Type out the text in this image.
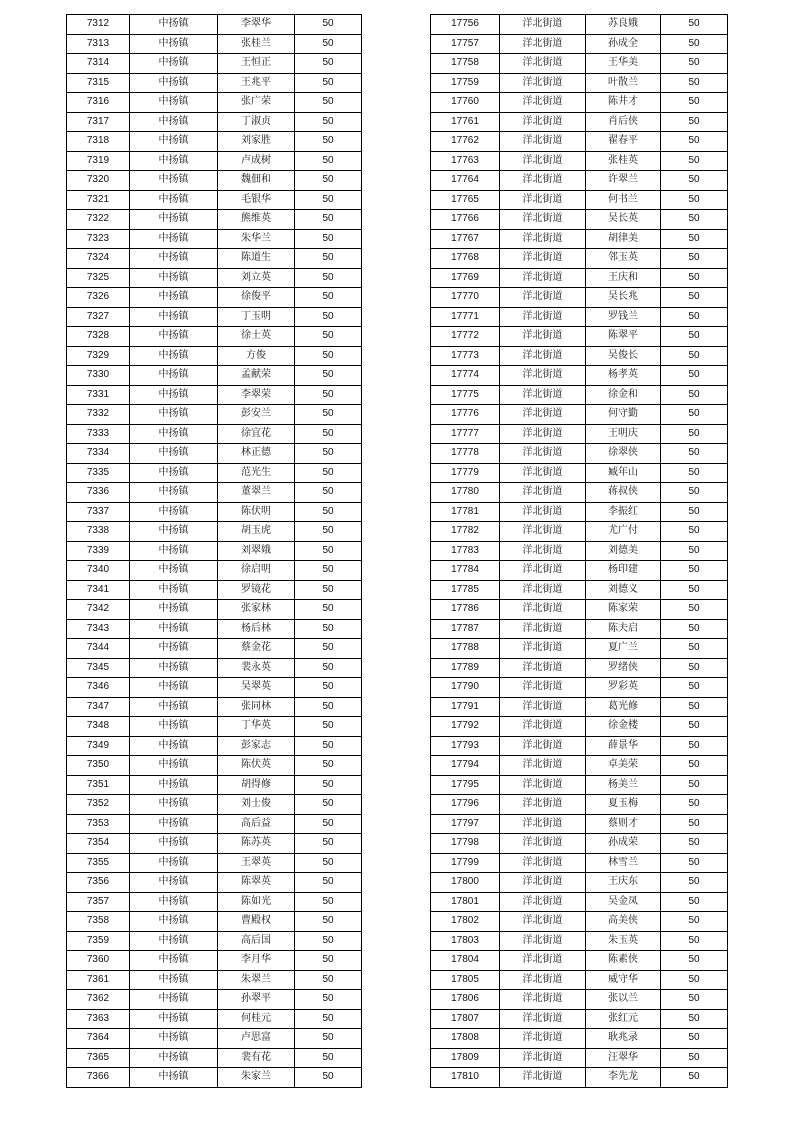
7312	中扬镇	李翠华	50
7313	中扬镇	张桂兰	50
7314	中扬镇	王恒正	50
7315	中扬镇	王兆平	50
7316	中扬镇	张广荣	50
7317	中扬镇	丁淑贞	50
7318	中扬镇	刘家胜	50
7319	中扬镇	卢成树	50
7320	中扬镇	魏佃和	50
7321	中扬镇	毛银华	50
7322	中扬镇	熊维英	50
7323	中扬镇	朱华兰	50
7324	中扬镇	陈道生	50
7325	中扬镇	刘立英	50
7326	中扬镇	徐俊平	50
7327	中扬镇	丁玉明	50
7328	中扬镇	徐士英	50
7329	中扬镇	方俊	50
7330	中扬镇	孟献荣	50
7331	中扬镇	李翠荣	50
7332	中扬镇	彭安兰	50
7333	中扬镇	徐宜花	50
7334	中扬镇	林正德	50
7335	中扬镇	范光生	50
7336	中扬镇	董翠兰	50
7337	中扬镇	陈伏明	50
7338	中扬镇	胡玉虎	50
7339	中扬镇	刘翠娥	50
7340	中扬镇	徐启明	50
7341	中扬镇	罗镜花	50
7342	中扬镇	张家林	50
7343	中扬镇	杨后林	50
7344	中扬镇	蔡金花	50
7345	中扬镇	裴永英	50
7346	中扬镇	吴翠英	50
7347	中扬镇	张同林	50
7348	中扬镇	丁华英	50
7349	中扬镇	彭家志	50
7350	中扬镇	陈伏英	50
7351	中扬镇	胡得修	50
7352	中扬镇	刘士俊	50
7353	中扬镇	高后益	50
7354	中扬镇	陈苏英	50
7355	中扬镇	王翠英	50
7356	中扬镇	陈翠英	50
7357	中扬镇	陈如光	50
7358	中扬镇	曹殿权	50
7359	中扬镇	高后国	50
7360	中扬镇	李月华	50
7361	中扬镇	朱翠兰	50
7362	中扬镇	孙翠平	50
7363	中扬镇	何桂元	50
7364	中扬镇	卢思富	50
7365	中扬镇	裴有花	50
7366	中扬镇	朱家兰	50
17756	洋北街道	苏良娥	50
17757	洋北街道	孙成全	50
17758	洋北街道	王华美	50
17759	洋北街道	叶散兰	50
17760	洋北街道	陈井才	50
17761	洋北街道	肖后侠	50
17762	洋北街道	翟春平	50
17763	洋北街道	张桂英	50
17764	洋北街道	许翠兰	50
17765	洋北街道	何书兰	50
17766	洋北街道	吴长英	50
17767	洋北街道	胡律美	50
17768	洋北街道	邻玉英	50
17769	洋北街道	王庆和	50
17770	洋北街道	吴长兆	50
17771	洋北街道	罗钱兰	50
17772	洋北街道	陈翠平	50
17773	洋北街道	吴俊长	50
17774	洋北街道	杨孝英	50
17775	洋北街道	徐金和	50
17776	洋北街道	何守勤	50
17777	洋北街道	王明庆	50
17778	洋北街道	徐翠侠	50
17779	洋北街道	臧年山	50
17780	洋北街道	蒋叔侠	50
17781	洋北街道	李振红	50
17782	洋北街道	尤广付	50
17783	洋北街道	刘德美	50
17784	洋北街道	杨印建	50
17785	洋北街道	刘德义	50
17786	洋北街道	陈家荣	50
17787	洋北街道	陈夫启	50
17788	洋北街道	夏广兰	50
17789	洋北街道	罗绪侠	50
17790	洋北街道	罗彩英	50
17791	洋北街道	葛光修	50
17792	洋北街道	徐金楼	50
17793	洋北街道	薛景华	50
17794	洋北街道	卓美荣	50
17795	洋北街道	杨美兰	50
17796	洋北街道	夏玉梅	50
17797	洋北街道	蔡则才	50
17798	洋北街道	孙成荣	50
17799	洋北街道	林雪兰	50
17800	洋北街道	王庆东	50
17801	洋北街道	吴金凤	50
17802	洋北街道	高美侠	50
17803	洋北街道	朱玉英	50
17804	洋北街道	陈素侠	50
17805	洋北街道	威守华	50
17806	洋北街道	张以兰	50
17807	洋北街道	张红元	50
17808	洋北街道	耿兆录	50
17809	洋北街道	汪翠华	50
17810	洋北街道	李先龙	50
